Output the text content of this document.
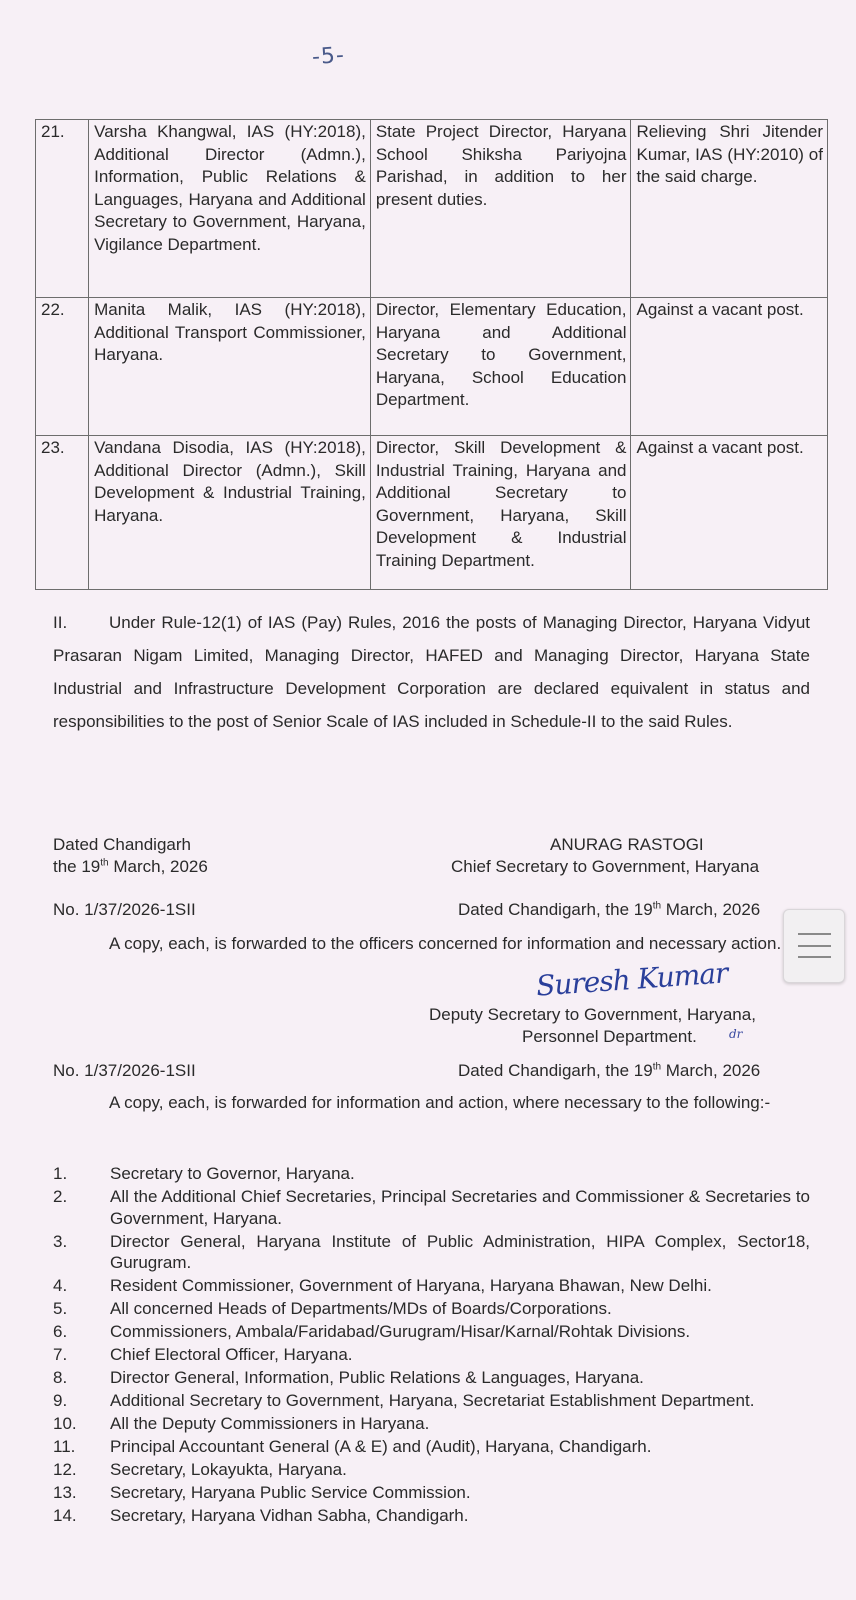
-5-
21.	Varsha Khangwal, IAS (HY:2018), Additional Director (Admn.), Information, Public Relations & Languages, Haryana and Additional Secretary to Government, Haryana, Vigilance Department.	State Project Director, Haryana School Shiksha Pariyojna Parishad, in addition to her present duties.	Relieving Shri Jitender Kumar, IAS (HY:2010) of the said charge.
22.	Manita Malik, IAS (HY:2018), Additional Transport Commissioner, Haryana.	Director, Elementary Education, Haryana and Additional Secretary to Government, Haryana, School Education Department.	Against a vacant post.
23.	Vandana Disodia, IAS (HY:2018), Additional Director (Admn.), Skill Development & Industrial Training, Haryana.	Director, Skill Development & Industrial Training, Haryana and Additional Secretary to Government, Haryana, Skill Development & Industrial Training Department.	Against a vacant post.
II. Under Rule-12(1) of IAS (Pay) Rules, 2016 the posts of Managing Director, Haryana Vidyut Prasaran Nigam Limited, Managing Director, HAFED and Managing Director, Haryana State Industrial and Infrastructure Development Corporation are declared equivalent in status and responsibilities to the post of Senior Scale of IAS included in Schedule-II to the said Rules.
Dated Chandigarh
the 19th March, 2026
ANURAG RASTOGI
Chief Secretary to Government, Haryana
No. 1/37/2026-1SII	Dated Chandigarh, the 19th March, 2026
A copy, each, is forwarded to the officers concerned for information and necessary action.
Suresh Kumar
Deputy Secretary to Government, Haryana,
Personnel Department.	dr
No. 1/37/2026-1SII	Dated Chandigarh, the 19th March, 2026
A copy, each, is forwarded for information and action, where necessary to the following:-
1.	Secretary to Governor, Haryana.
2.	All the Additional Chief Secretaries, Principal Secretaries and Commissioner & Secretaries to Government, Haryana.
3.	Director General, Haryana Institute of Public Administration, HIPA Complex, Sector18, Gurugram.
4.	Resident Commissioner, Government of Haryana, Haryana Bhawan, New Delhi.
5.	All concerned Heads of Departments/MDs of Boards/Corporations.
6.	Commissioners, Ambala/Faridabad/Gurugram/Hisar/Karnal/Rohtak Divisions.
7.	Chief Electoral Officer, Haryana.
8.	Director General, Information, Public Relations & Languages, Haryana.
9.	Additional Secretary to Government, Haryana, Secretariat Establishment Department.
10.	All the Deputy Commissioners in Haryana.
11.	Principal Accountant General (A & E) and (Audit), Haryana, Chandigarh.
12.	Secretary, Lokayukta, Haryana.
13.	Secretary, Haryana Public Service Commission.
14.	Secretary, Haryana Vidhan Sabha, Chandigarh.
